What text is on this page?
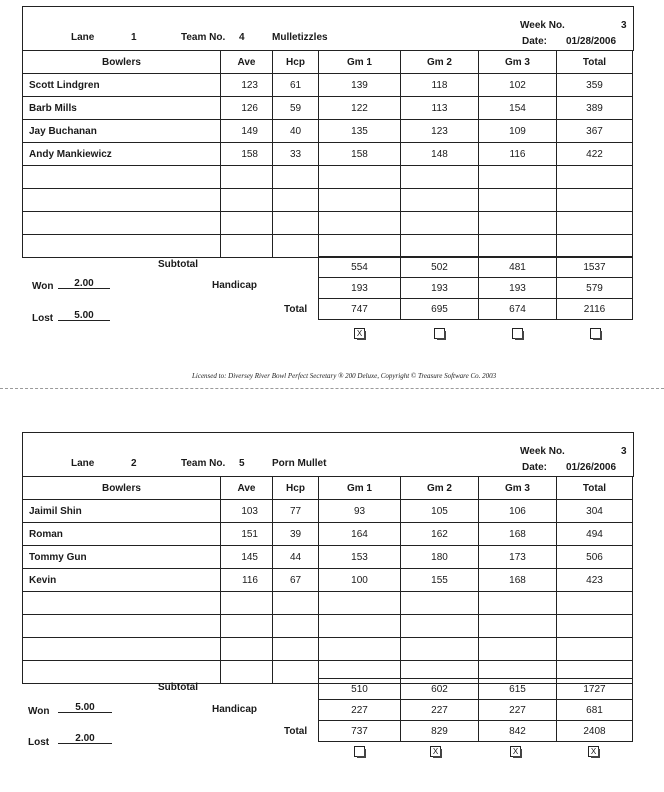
Lane	1	Team No. 4	Mulletizzles
Week No.	3
Date: 01/28/2006
Bowlers	Ave	Hcp	Gm 1	Gm 2	Gm 3	Total
Scott Lindgren	123	61	139	118	102	359
Barb Mills	126	59	122	113	154	389
Jay Buchanan	149	40	135	123	109	367
Andy Mankiewicz	158	33	158	148	116	422

Subtotal
Handicap
Total
554	502	481	1537
193	193	193	579
747	695	674	2116
Won	2.00
Lost	5.00
X
Licensed to: Diversey River Bowl Perfect Secretary ® 200 Deluxe, Copyright © Treasure Software Co. 2003
Lane	2	Team No. 5	Porn Mullet
Week No.	3
Date: 01/26/2006
Bowlers	Ave	Hcp	Gm 1	Gm 2	Gm 3	Total
Jaimil Shin	103	77	93	105	106	304
Roman	151	39	164	162	168	494
Tommy Gun	145	44	153	180	173	506
Kevin	116	67	100	155	168	423

Subtotal
Handicap
Total
510	602	615	1727
227	227	227	681
737	829	842	2408
Won	5.00
Lost	2.00
X	X	X
